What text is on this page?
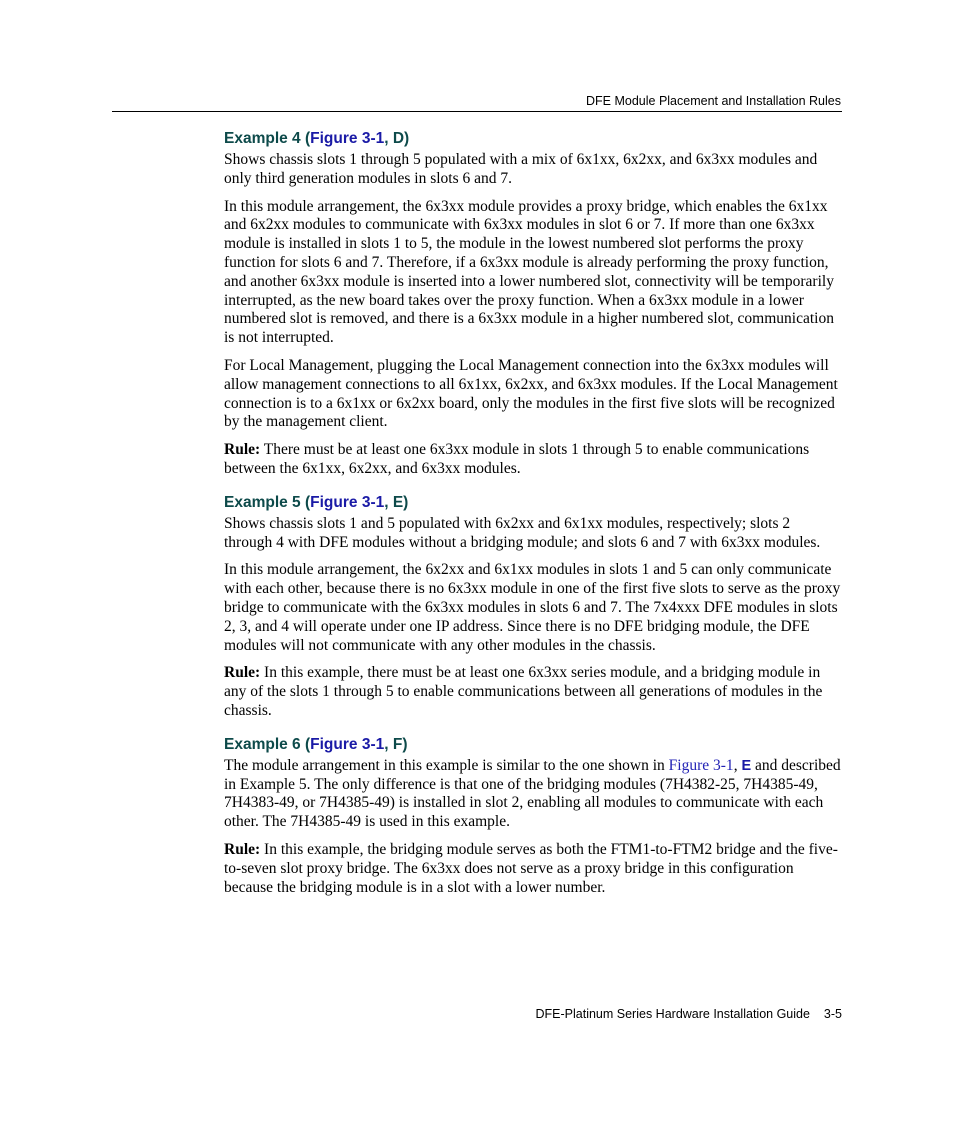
DFE Module Placement and Installation Rules
Example 4 (Figure 3-1, D)

Shows chassis slots 1 through 5 populated with a mix of 6x1xx, 6x2xx, and 6x3xx modules and only third generation modules in slots 6 and 7.

In this module arrangement, the 6x3xx module provides a proxy bridge, which enables the 6x1xx and 6x2xx modules to communicate with 6x3xx modules in slot 6 or 7. If more than one 6x3xx module is installed in slots 1 to 5, the module in the lowest numbered slot performs the proxy function for slots 6 and 7. Therefore, if a 6x3xx module is already performing the proxy function, and another 6x3xx module is inserted into a lower numbered slot, connectivity will be temporarily interrupted, as the new board takes over the proxy function. When a 6x3xx module in a lower numbered slot is removed, and there is a 6x3xx module in a higher numbered slot, communication is not interrupted.

For Local Management, plugging the Local Management connection into the 6x3xx modules will allow management connections to all 6x1xx, 6x2xx, and 6x3xx modules. If the Local Management connection is to a 6x1xx or 6x2xx board, only the modules in the first five slots will be recognized by the management client.

Rule: There must be at least one 6x3xx module in slots 1 through 5 to enable communications between the 6x1xx, 6x2xx, and 6x3xx modules.

Example 5 (Figure 3-1, E)

Shows chassis slots 1 and 5 populated with 6x2xx and 6x1xx modules, respectively; slots 2 through 4 with DFE modules without a bridging module; and slots 6 and 7 with 6x3xx modules.

In this module arrangement, the 6x2xx and 6x1xx modules in slots 1 and 5 can only communicate with each other, because there is no 6x3xx module in one of the first five slots to serve as the proxy bridge to communicate with the 6x3xx modules in slots 6 and 7. The 7x4xxx DFE modules in slots 2, 3, and 4 will operate under one IP address. Since there is no DFE bridging module, the DFE modules will not communicate with any other modules in the chassis.

Rule: In this example, there must be at least one 6x3xx series module, and a bridging module in any of the slots 1 through 5 to enable communications between all generations of modules in the chassis.

Example 6 (Figure 3-1, F)

The module arrangement in this example is similar to the one shown in Figure 3-1, E and described in Example 5. The only difference is that one of the bridging modules (7H4382-25, 7H4385-49, 7H4383-49, or 7H4385-49) is installed in slot 2, enabling all modules to communicate with each other. The 7H4385-49 is used in this example.

Rule: In this example, the bridging module serves as both the FTM1-to-FTM2 bridge and the five-to-seven slot proxy bridge. The 6x3xx does not serve as a proxy bridge in this configuration because the bridging module is in a slot with a lower number.

DFE-Platinum Series Hardware Installation Guide 3-5
